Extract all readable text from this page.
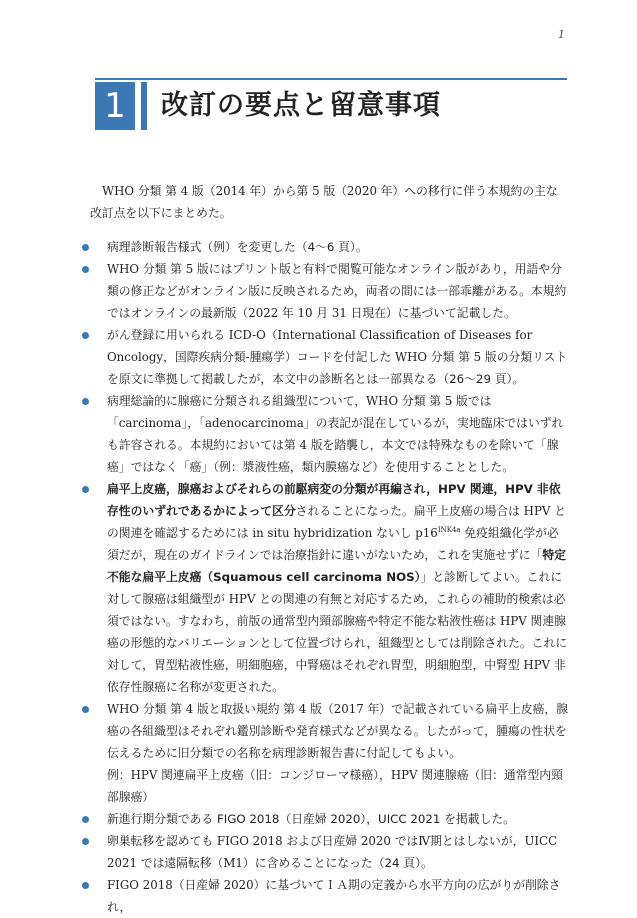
1
1	改訂の要点と留意事項

WHO 分類 第 4 版（2014 年）から第 5 版（2020 年）への移行に伴う本規約の主な改訂点を以下にまとめた。

病理診断報告様式（例）を変更した（4〜6 頁）。
WHO 分類 第 5 版にはプリント版と有料で閲覧可能なオンライン版があり，用語や分類の修正などがオンライン版に反映されるため，両者の間には一部乖離がある。本規約ではオンラインの最新版（2022 年 10 月 31 日現在）に基づいて記載した。
がん登録に用いられる ICD-O（International Classification of Diseases for Oncology，国際疾病分類-腫瘍学）コードを付記した WHO 分類 第 5 版の分類リストを原文に準拠して掲載したが，本文中の診断名とは一部異なる（26〜29 頁）。
病理総論的に腺癌に分類される組織型について，WHO 分類 第 5 版では「carcinoma」，「adenocarcinoma」の表記が混在しているが，実地臨床ではいずれも許容される。本規約においては第 4 版を踏襲し，本文では特殊なものを除いて「腺癌」ではなく「癌」（例：漿液性癌，類内膜癌など）を使用することとした。
扁平上皮癌，腺癌およびそれらの前駆病変の分類が再編され，HPV 関連，HPV 非依存性のいずれであるかによって区分されることになった。扁平上皮癌の場合は HPV との関連を確認するためには in situ hybridization ないし $p16^{INK4a}$ 免疫組織化学が必須だが，現在のガイドラインでは治療指針に違いがないため，これを実施せずに「特定不能な扁平上皮癌（Squamous cell carcinoma NOS）」と診断してよい。これに対して腺癌は組織型が HPV との関連の有無と対応するため，これらの補助的検索は必須ではない。すなわち，前版の通常型内頸部腺癌や特定不能な粘液性癌は HPV 関連腺癌の形態的なバリエーションとして位置づけられ，組織型としては削除された。これに対して，胃型粘液性癌，明細胞癌，中腎癌はそれぞれ胃型，明細胞型，中腎型 HPV 非依存性腺癌に名称が変更された。
WHO 分類 第 4 版と取扱い規約 第 4 版（2017 年）で記載されている扁平上皮癌，腺癌の各組織型はそれぞれ鑑別診断や発育様式などが異なる。したがって，腫瘍の性状を伝えるために旧分類での名称を病理診断報告書に付記してもよい。
例：HPV 関連扁平上皮癌（旧：コンジローマ様癌），HPV 関連腺癌（旧：通常型内頸部腺癌）
新進行期分類である FIGO 2018（日産婦 2020），UICC 2021 を掲載した。
卵巣転移を認めても FIGO 2018 および日産婦 2020 ではⅣ期とはしないが，UICC 2021 では遠隔転移（M1）に含めることになった（24 頁）。
FIGO 2018（日産婦 2020）に基づいてＩＡ期の定義から水平方向の広がりが削除され，
